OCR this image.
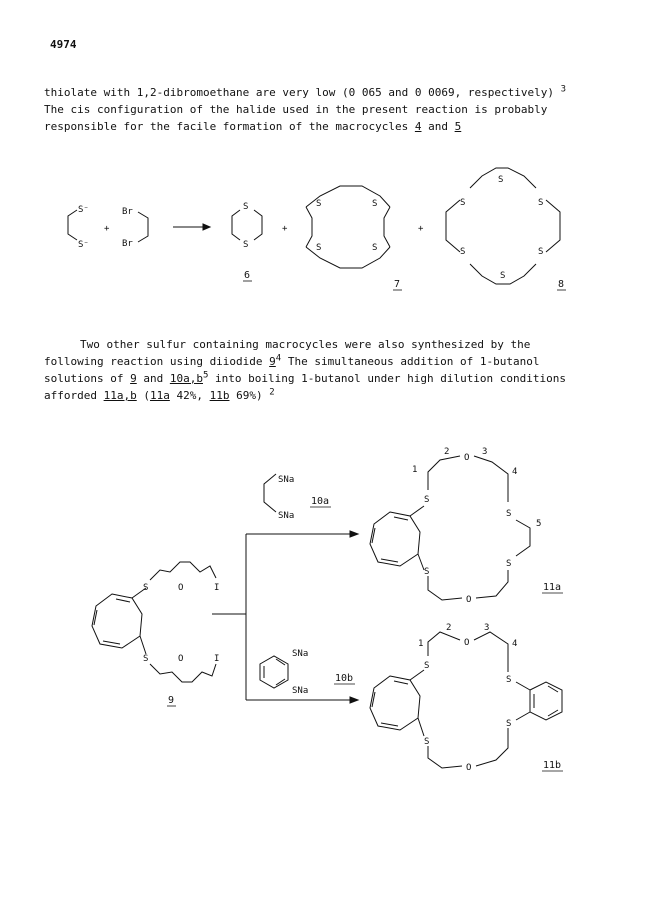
4974

thiolate with 1,2-dibromoethane are very low (0 065 and 0 0069, respectively) $^3$
The cis configuration of the halide used in the present reaction is probably
responsible for the facile formation of the macrocycles 4 and 5

Two other sulfur containing macrocycles were also synthesized by the
following reaction using diiodide $9^4$ The simultaneous addition of 1-butanol
solutions of 9 and $10a,b^5$ into boiling 1-butanol under high dilution conditions
afforded 11a,b (11a 42%, 11b 69%) $^2$

S⁻
S⁻
+
Br
Br
S
S
6
+
S	S
S	S
7
+
S
S	S
S	S
S
8
S	O	I
S	O	I
9
SNa
SNa
10a
SNa
SNa
10b
S
O
S
S
S
O
1
2	3
4
5
11a
S
O
S
S
S
O
1
2	3
4
11b
